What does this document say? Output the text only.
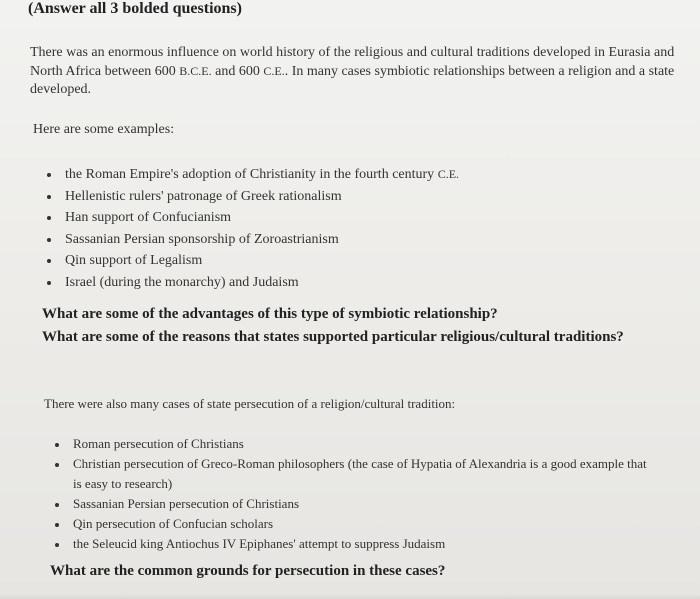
(Answer all 3 bolded questions)
There was an enormous influence on world history of the religious and cultural traditions developed in Eurasia and North Africa between 600 B.C.E. and 600 C.E.. In many cases symbiotic relationships between a religion and a state developed.
Here are some examples:
the Roman Empire's adoption of Christianity in the fourth century C.E.
Hellenistic rulers' patronage of Greek rationalism
Han support of Confucianism
Sassanian Persian sponsorship of Zoroastrianism
Qin support of Legalism
Israel (during the monarchy) and Judaism
What are some of the advantages of this type of symbiotic relationship?
What are some of the reasons that states supported particular religious/cultural traditions?
There were also many cases of state persecution of a religion/cultural tradition:
Roman persecution of Christians
Christian persecution of Greco-Roman philosophers (the case of Hypatia of Alexandria is a good example that is easy to research)
Sassanian Persian persecution of Christians
Qin persecution of Confucian scholars
the Seleucid king Antiochus IV Epiphanes' attempt to suppress Judaism
What are the common grounds for persecution in these cases?
